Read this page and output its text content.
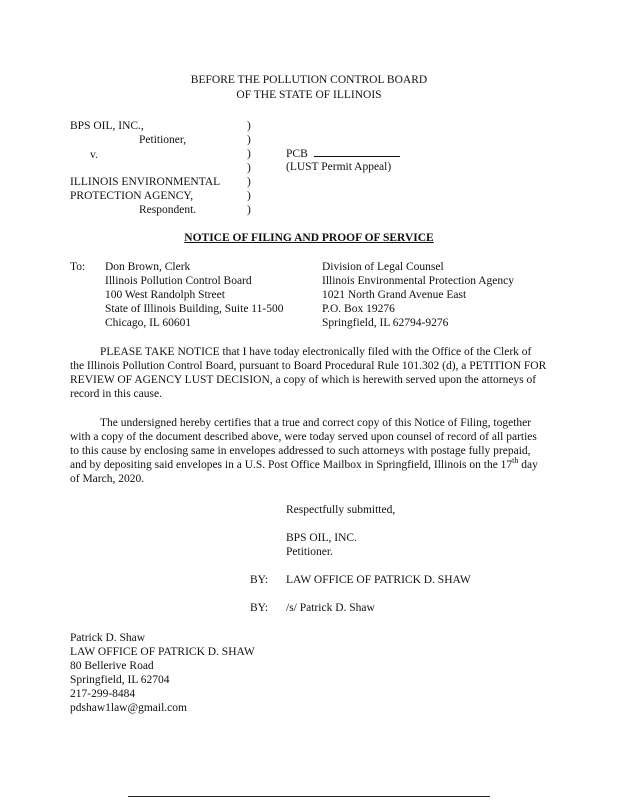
BEFORE THE POLLUTION CONTROL BOARD
OF THE STATE OF ILLINOIS
BPS OIL, INC.,
Petitioner,
v.
ILLINOIS ENVIRONMENTAL
PROTECTION AGENCY,
Respondent.
)
)
)
)
)
)
)
PCB
(LUST Permit Appeal)
NOTICE OF FILING AND PROOF OF SERVICE
To: Don Brown, Clerk
Illinois Pollution Control Board
100 West Randolph Street
State of Illinois Building, Suite 11-500
Chicago, IL 60601
Division of Legal Counsel
Illinois Environmental Protection Agency
1021 North Grand Avenue East
P.O. Box 19276
Springfield, IL 62794-9276

PLEASE TAKE NOTICE that I have today electronically filed with the Office of the Clerk of the Illinois Pollution Control Board, pursuant to Board Procedural Rule 101.302 (d), a PETITION FOR REVIEW OF AGENCY LUST DECISION, a copy of which is herewith served upon the attorneys of record in this cause.

The undersigned hereby certifies that a true and correct copy of this Notice of Filing, together with a copy of the document described above, were today served upon counsel of record of all parties to this cause by enclosing same in envelopes addressed to such attorneys with postage fully prepaid, and by depositing said envelopes in a U.S. Post Office Mailbox in Springfield, Illinois on the 17th day of March, 2020.

Respectfully submitted,
BPS OIL, INC.
Petitioner.
BY: LAW OFFICE OF PATRICK D. SHAW
BY: /s/ Patrick D. Shaw
Patrick D. Shaw
LAW OFFICE OF PATRICK D. SHAW
80 Bellerive Road
Springfield, IL 62704
217-299-8484
pdshaw1law@gmail.com
